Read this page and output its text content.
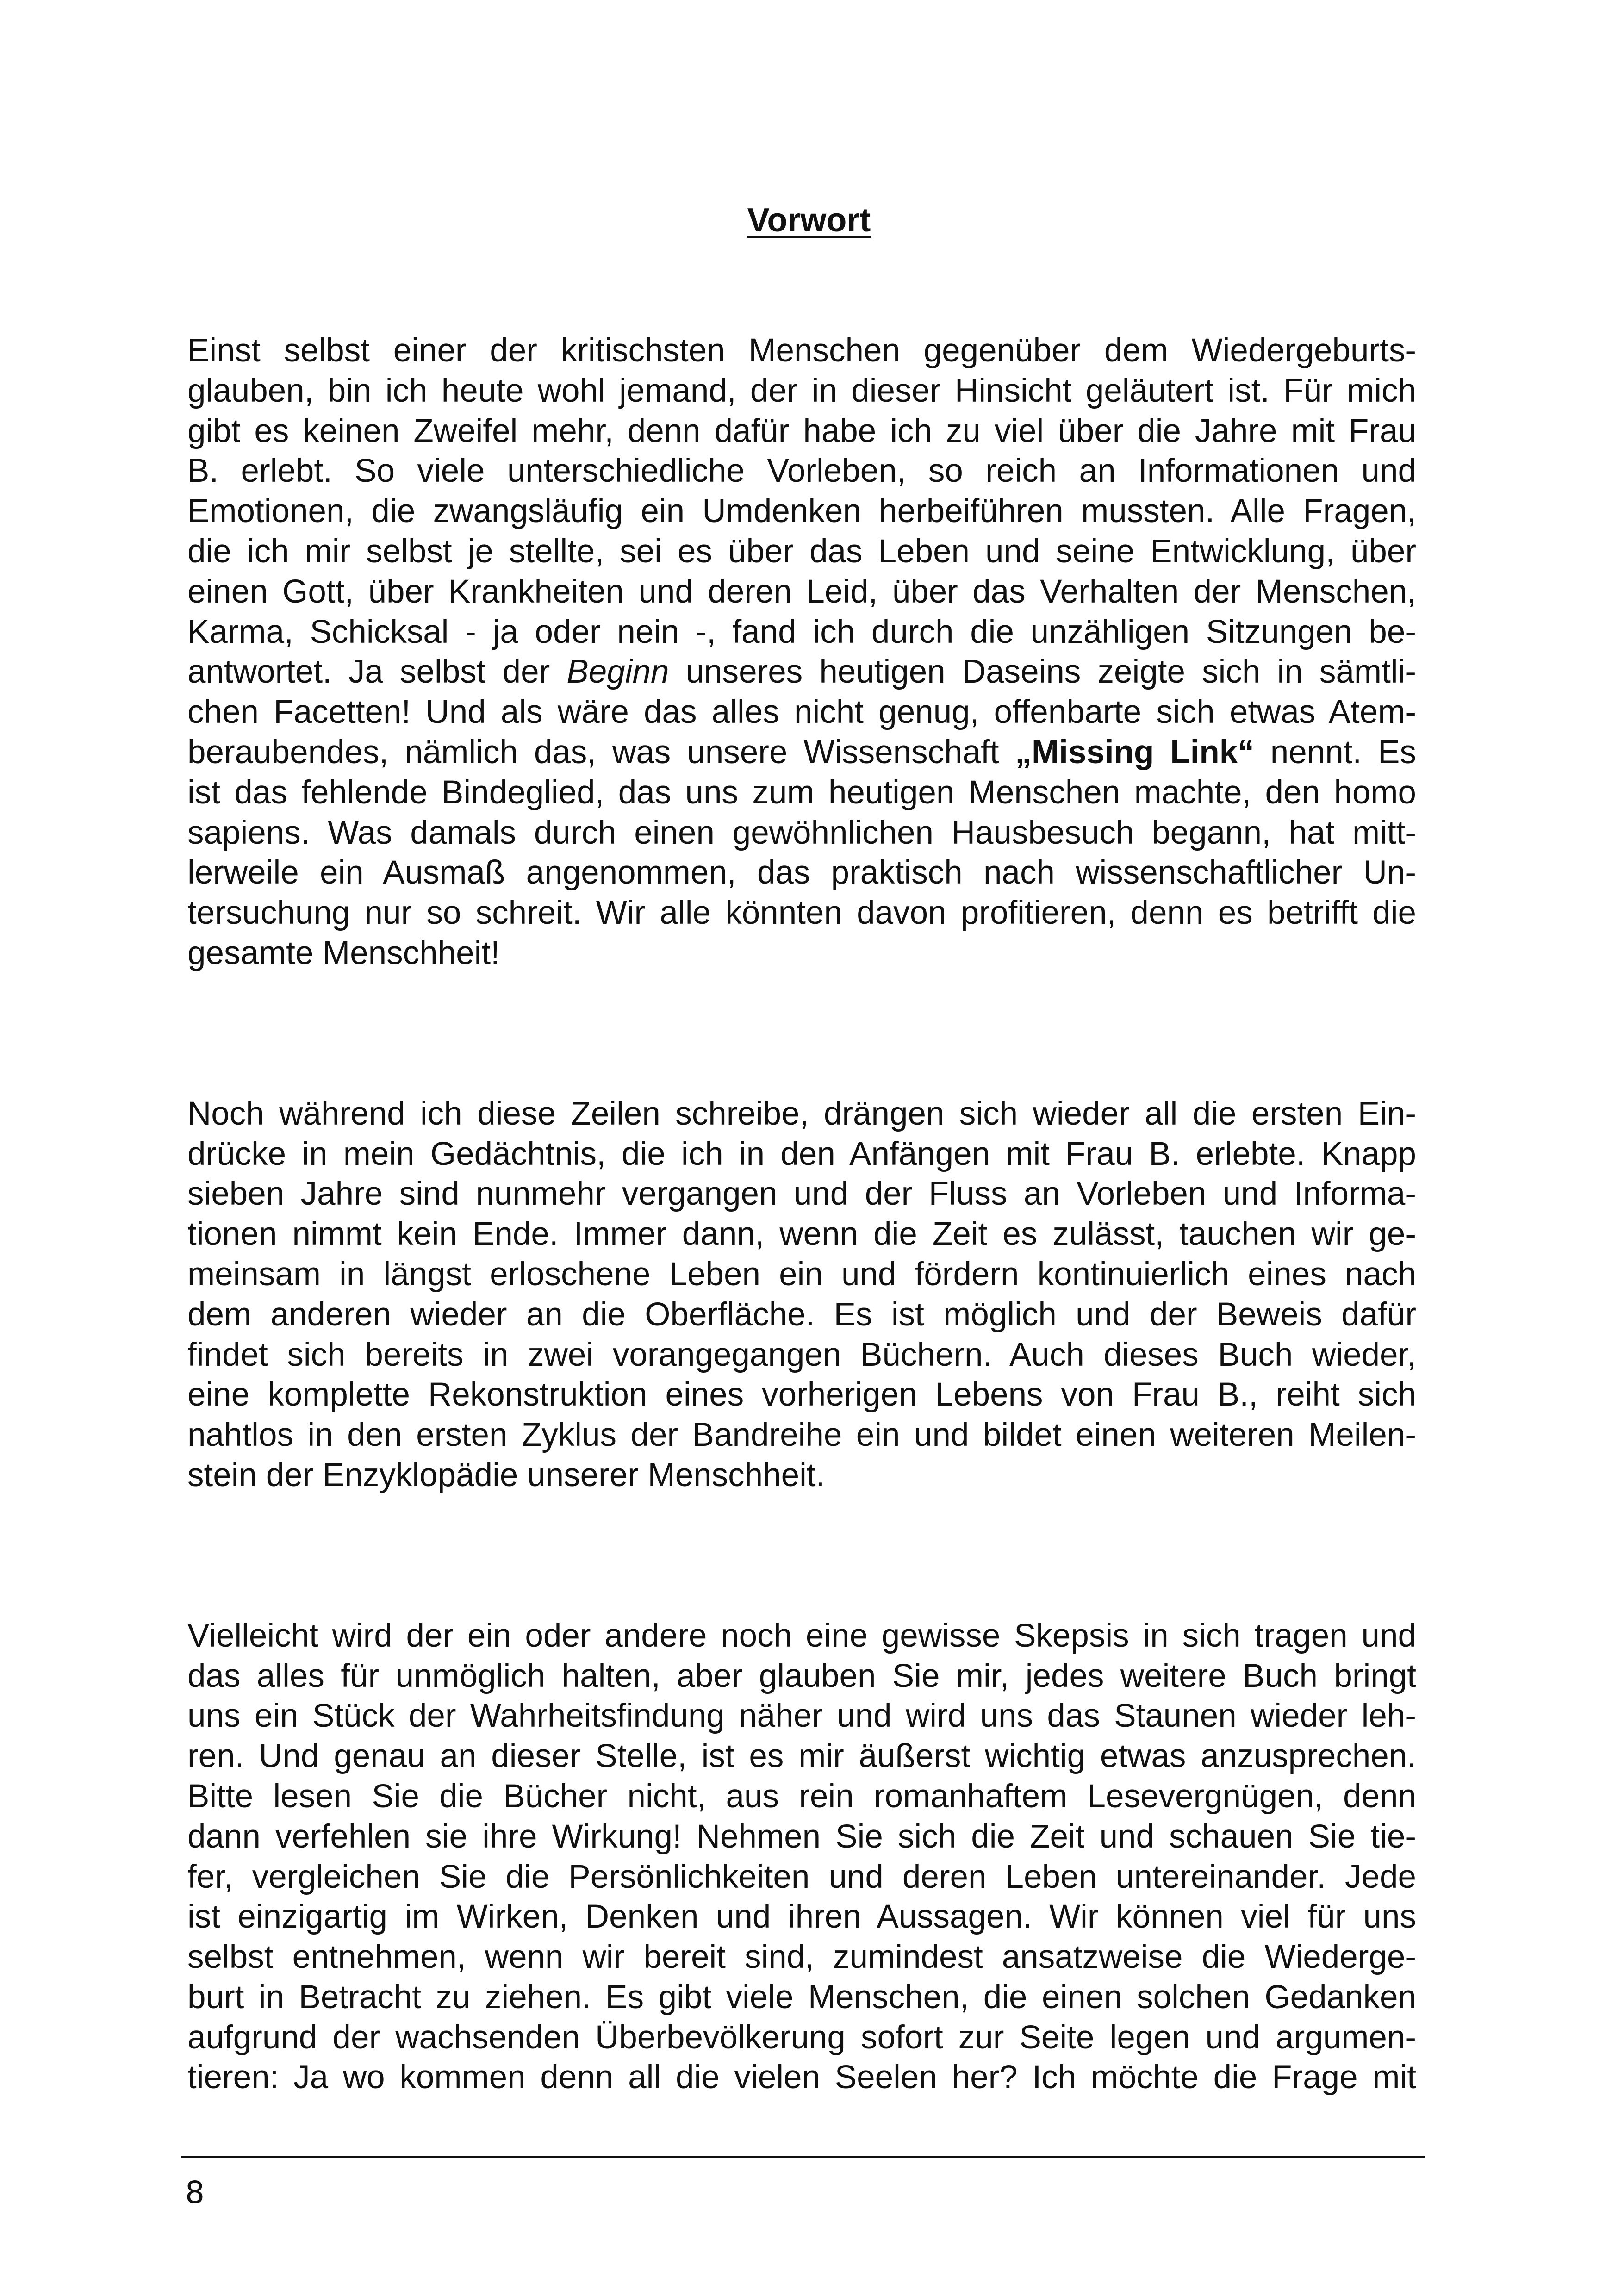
Vorwort
Einst selbst einer der kritischsten Menschen gegenüber dem Wiedergeburts-
glauben, bin ich heute wohl jemand, der in dieser Hinsicht geläutert ist. Für mich
gibt es keinen Zweifel mehr, denn dafür habe ich zu viel über die Jahre mit Frau
B. erlebt. So viele unterschiedliche Vorleben, so reich an Informationen und
Emotionen, die zwangsläufig ein Umdenken herbeiführen mussten. Alle Fragen,
die ich mir selbst je stellte, sei es über das Leben und seine Entwicklung, über
einen Gott, über Krankheiten und deren Leid, über das Verhalten der Menschen,
Karma, Schicksal - ja oder nein -, fand ich durch die unzähligen Sitzungen be-
antwortet. Ja selbst der Beginn unseres heutigen Daseins zeigte sich in sämtli-
chen Facetten! Und als wäre das alles nicht genug, offenbarte sich etwas Atem-
beraubendes, nämlich das, was unsere Wissenschaft „Missing Link“ nennt. Es
ist das fehlende Bindeglied, das uns zum heutigen Menschen machte, den homo
sapiens. Was damals durch einen gewöhnlichen Hausbesuch begann, hat mitt-
lerweile ein Ausmaß angenommen, das praktisch nach wissenschaftlicher Un-
tersuchung nur so schreit. Wir alle könnten davon profitieren, denn es betrifft die
gesamte Menschheit!
Noch während ich diese Zeilen schreibe, drängen sich wieder all die ersten Ein-
drücke in mein Gedächtnis, die ich in den Anfängen mit Frau B. erlebte. Knapp
sieben Jahre sind nunmehr vergangen und der Fluss an Vorleben und Informa-
tionen nimmt kein Ende. Immer dann, wenn die Zeit es zulässt, tauchen wir ge-
meinsam in längst erloschene Leben ein und fördern kontinuierlich eines nach
dem anderen wieder an die Oberfläche. Es ist möglich und der Beweis dafür
findet sich bereits in zwei vorangegangen Büchern. Auch dieses Buch wieder,
eine komplette Rekonstruktion eines vorherigen Lebens von Frau B., reiht sich
nahtlos in den ersten Zyklus der Bandreihe ein und bildet einen weiteren Meilen-
stein der Enzyklopädie unserer Menschheit.
Vielleicht wird der ein oder andere noch eine gewisse Skepsis in sich tragen und
das alles für unmöglich halten, aber glauben Sie mir, jedes weitere Buch bringt
uns ein Stück der Wahrheitsfindung näher und wird uns das Staunen wieder leh-
ren. Und genau an dieser Stelle, ist es mir äußerst wichtig etwas anzusprechen.
Bitte lesen Sie die Bücher nicht, aus rein romanhaftem Lesevergnügen, denn
dann verfehlen sie ihre Wirkung! Nehmen Sie sich die Zeit und schauen Sie tie-
fer, vergleichen Sie die Persönlichkeiten und deren Leben untereinander. Jede
ist einzigartig im Wirken, Denken und ihren Aussagen. Wir können viel für uns
selbst entnehmen, wenn wir bereit sind, zumindest ansatzweise die Wiederge-
burt in Betracht zu ziehen. Es gibt viele Menschen, die einen solchen Gedanken
aufgrund der wachsenden Überbevölkerung sofort zur Seite legen und argumen-
tieren: Ja wo kommen denn all die vielen Seelen her? Ich möchte die Frage mit
8
